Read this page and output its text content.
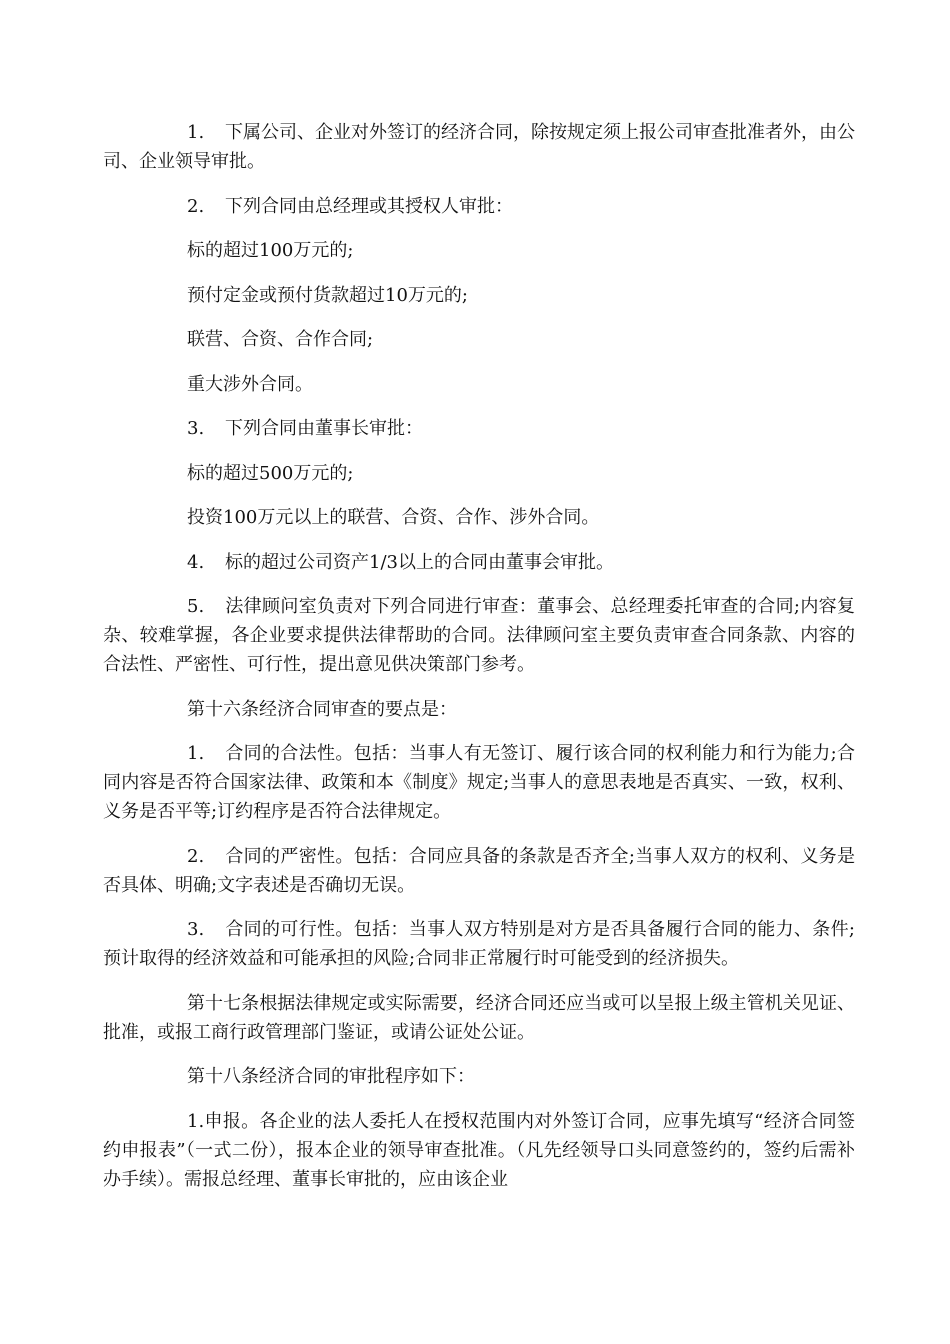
1. 下属公司、企业对外签订的经济合同，除按规定须上报公司审查批准者外，由公司、企业领导审批。

2. 下列合同由总经理或其授权人审批：

标的超过100万元的;

预付定金或预付货款超过10万元的;

联营、合资、合作合同;

重大涉外合同。

3. 下列合同由董事长审批：

标的超过500万元的;

投资100万元以上的联营、合资、合作、涉外合同。

4. 标的超过公司资产1/3以上的合同由董事会审批。

5. 法律顾问室负责对下列合同进行审查：董事会、总经理委托审查的合同;内容复杂、较难掌握，各企业要求提供法律帮助的合同。法律顾问室主要负责审查合同条款、内容的合法性、严密性、可行性，提出意见供决策部门参考。

第十六条经济合同审查的要点是：

1. 合同的合法性。包括：当事人有无签订、履行该合同的权利能力和行为能力;合同内容是否符合国家法律、政策和本《制度》规定;当事人的意思表地是否真实、一致，权利、义务是否平等;订约程序是否符合法律规定。

2. 合同的严密性。包括：合同应具备的条款是否齐全;当事人双方的权利、义务是否具体、明确;文字表述是否确切无误。

3. 合同的可行性。包括：当事人双方特别是对方是否具备履行合同的能力、条件;预计取得的经济效益和可能承担的风险;合同非正常履行时可能受到的经济损失。

第十七条根据法律规定或实际需要，经济合同还应当或可以呈报上级主管机关见证、批准，或报工商行政管理部门鉴证，或请公证处公证。

第十八条经济合同的审批程序如下：

1.申报。各企业的法人委托人在授权范围内对外签订合同，应事先填写“经济合同签约申报表”（一式二份），报本企业的领导审查批准。（凡先经领导口头同意签约的，签约后需补办手续）。需报总经理、董事长审批的，应由该企业
